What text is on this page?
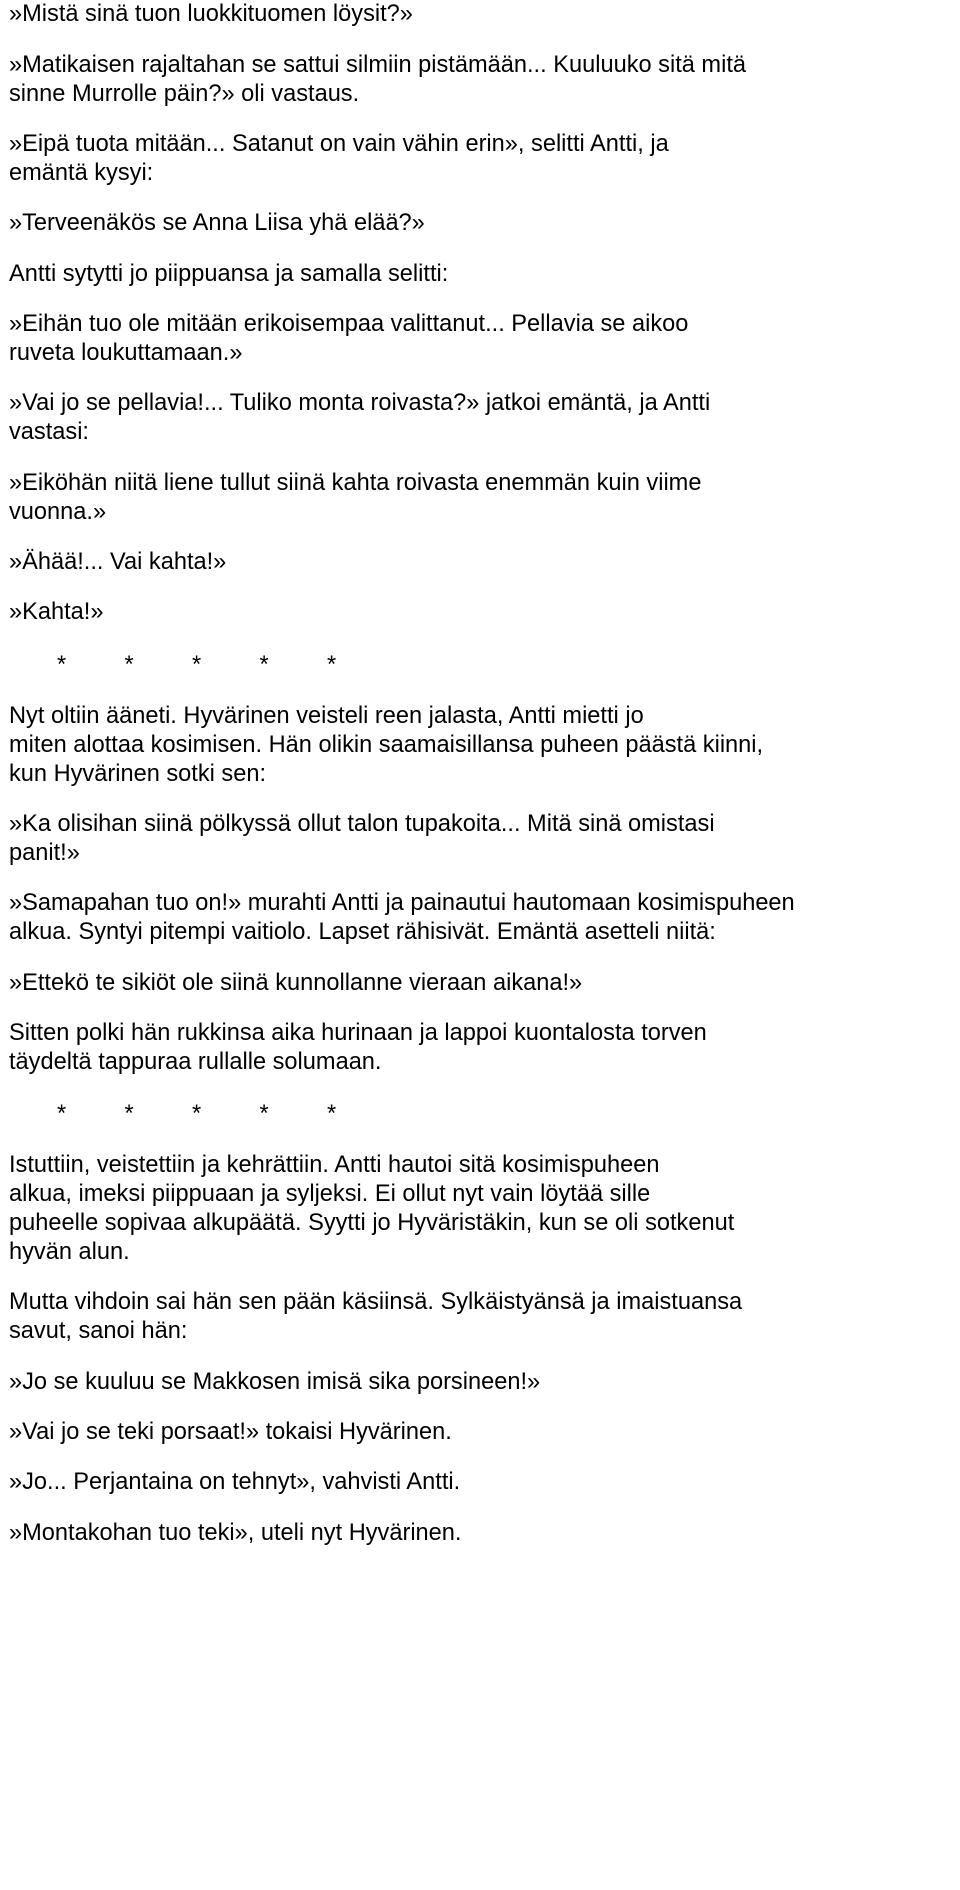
»Mistä sinä tuon luokkituomen löysit?»
»Matikaisen rajaltahan se sattui silmiin pistämään... Kuuluuko sitä mitä
sinne Murrolle päin?» oli vastaus.
»Eipä tuota mitään... Satanut on vain vähin erin», selitti Antti, ja
emäntä kysyi:
»Terveenäkös se Anna Liisa yhä elää?»
Antti sytytti jo piippuansa ja samalla selitti:
»Eihän tuo ole mitään erikoisempaa valittanut... Pellavia se aikoo
ruveta loukuttamaan.»
»Vai jo se pellavia!... Tuliko monta roivasta?» jatkoi emäntä, ja Antti
vastasi:
»Eiköhän niitä liene tullut siinä kahta roivasta enemmän kuin viime
vuonna.»
»Ähää!... Vai kahta!»
»Kahta!»
* * * * *
Nyt oltiin ääneti. Hyvärinen veisteli reen jalasta, Antti mietti jo
miten alottaa kosimisen. Hän olikin saamaisillansa puheen päästä kiinni,
kun Hyvärinen sotki sen:
»Ka olisihan siinä pölkyssä ollut talon tupakoita... Mitä sinä omistasi
panit!»
»Samapahan tuo on!» murahti Antti ja painautui hautomaan kosimispuheen
alkua. Syntyi pitempi vaitiolo. Lapset rähisivät. Emäntä asetteli niitä:
»Ettekö te sikiöt ole siinä kunnollanne vieraan aikana!»
Sitten polki hän rukkinsa aika hurinaan ja lappoi kuontalosta torven
täydeltä tappuraa rullalle solumaan.
* * * * *
Istuttiin, veistettiin ja kehrättiin. Antti hautoi sitä kosimispuheen
alkua, imeksi piippuaan ja syljeksi. Ei ollut nyt vain löytää sille
puheelle sopivaa alkupäätä. Syytti jo Hyväristäkin, kun se oli sotkenut
hyvän alun.
Mutta vihdoin sai hän sen pään käsiinsä. Sylkäistyänsä ja imaistuansa
savut, sanoi hän:
»Jo se kuuluu se Makkosen imisä sika porsineen!»
»Vai jo se teki porsaat!» tokaisi Hyvärinen.
»Jo... Perjantaina on tehnyt», vahvisti Antti.
»Montakohan tuo teki», uteli nyt Hyvärinen.
